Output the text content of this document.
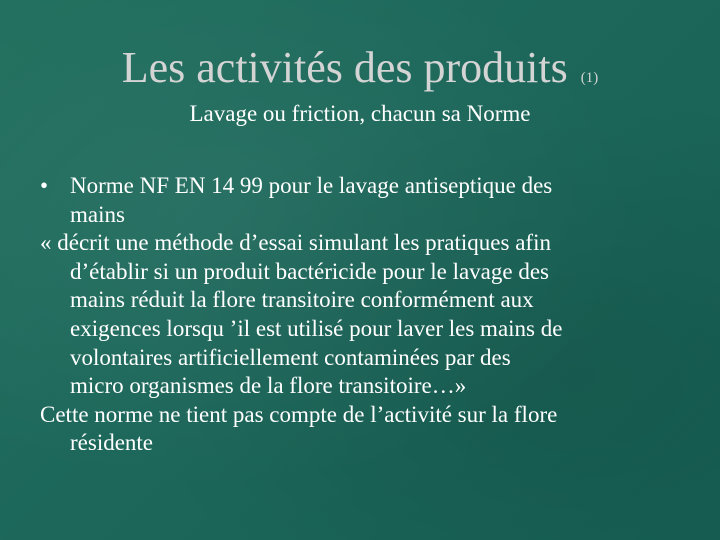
Les activités des produits (1)
Lavage ou friction, chacun sa Norme

• Norme NF EN 14 99 pour le lavage antiseptique des
mains

« décrit une méthode d’essai simulant les pratiques afin
d’établir si un produit bactéricide pour le lavage des
mains réduit la flore transitoire conformément aux
exigences lorsqu ’il est utilisé pour laver les mains de
volontaires artificiellement contaminées par des
micro organismes de la flore transitoire…»

Cette norme ne tient pas compte de l’activité sur la flore
résidente
